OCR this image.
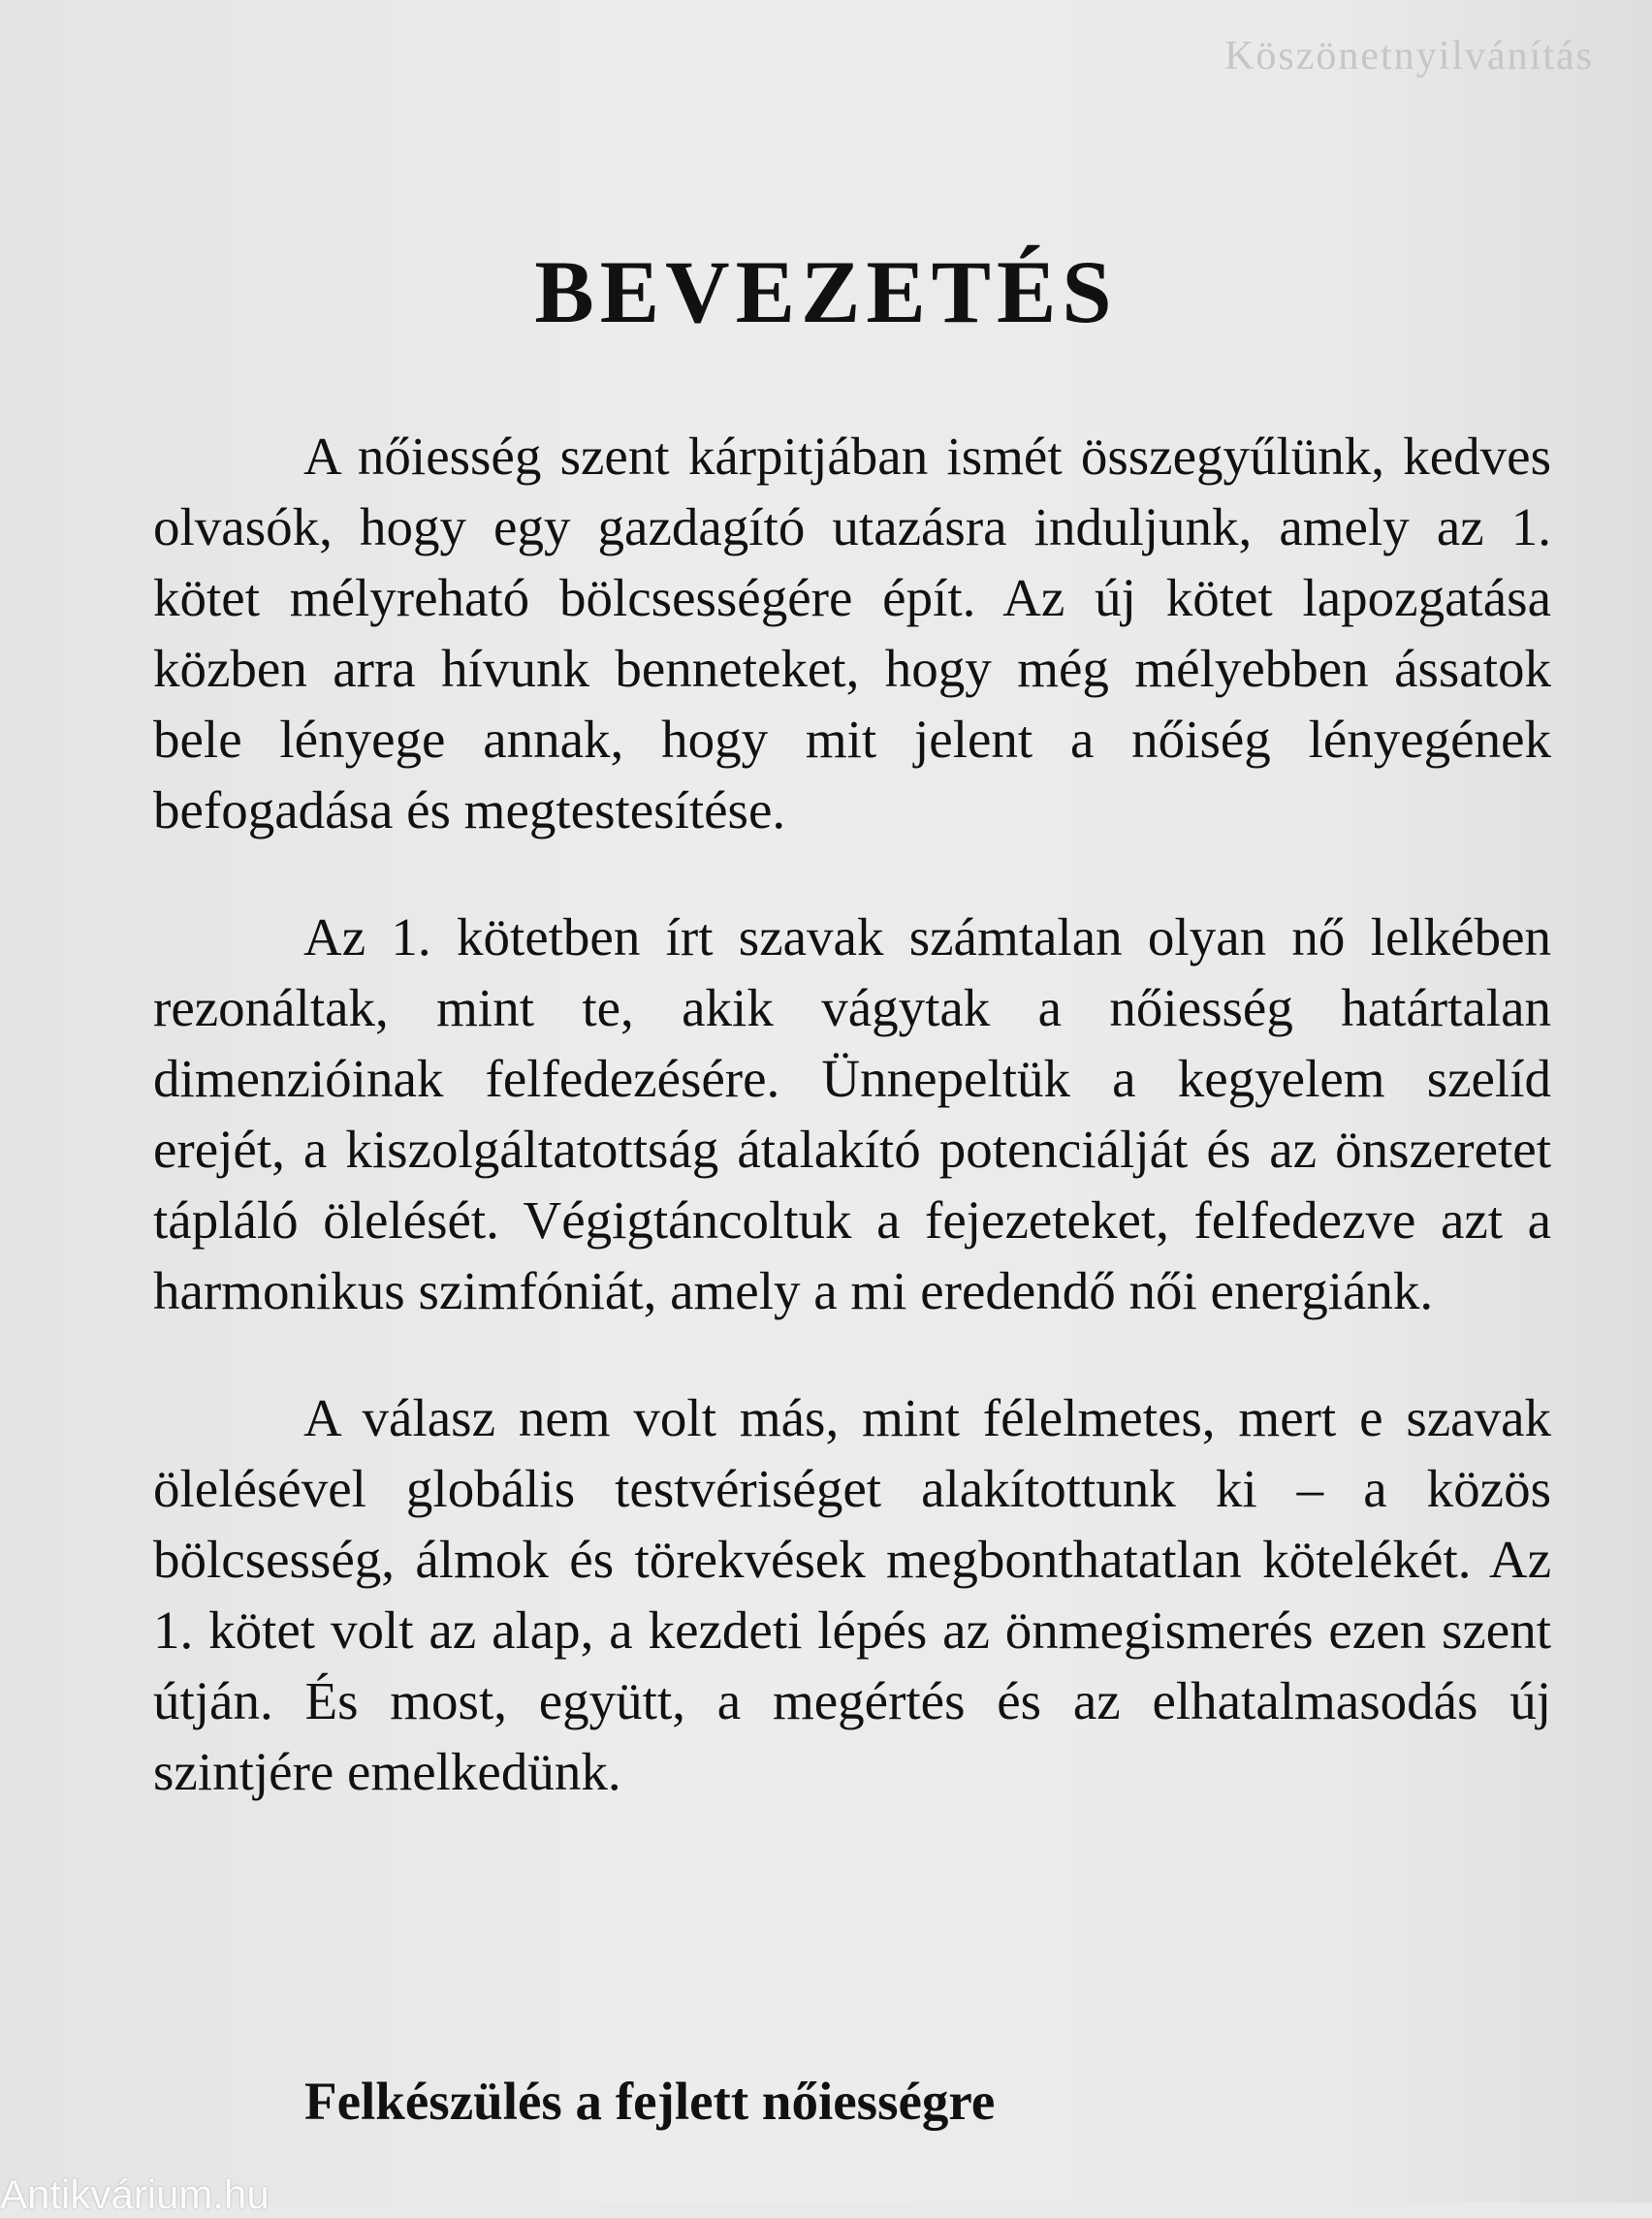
Köszönetnyilvánítás
BEVEZETÉS

A nőiesség szent kárpitjában ismét összegyűlünk, kedves olvasók, hogy egy gazdagító utazásra induljunk, amely az 1. kötet mélyreható bölcsességére épít. Az új kötet lapozgatása közben arra hívunk benneteket, hogy még mélyebben ássatok bele lényege annak, hogy mit jelent a nőiség lényegének befogadása és megtestesítése.

Az 1. kötetben írt szavak számtalan olyan nő lelkében rezonáltak, mint te, akik vágytak a nőiesség határtalan dimenzióinak felfedezésére. Ünnepeltük a kegyelem szelíd erejét, a kiszolgáltatottság átalakító potenciálját és az önszeretet tápláló ölelését. Végigtáncoltuk a fejezeteket, felfedezve azt a harmonikus szimfóniát, amely a mi eredendő női energiánk.

A válasz nem volt más, mint félelmetes, mert e szavak ölelésével globális testvériséget alakítottunk ki – a közös bölcsesség, álmok és törekvések megbonthatatlan kötelékét. Az 1. kötet volt az alap, a kezdeti lépés az önmegismerés ezen szent útján. És most, együtt, a megértés és az elhatalmasodás új szintjére emelkedünk.

Felkészülés a fejlett nőiességre
Antikvárium.hu
